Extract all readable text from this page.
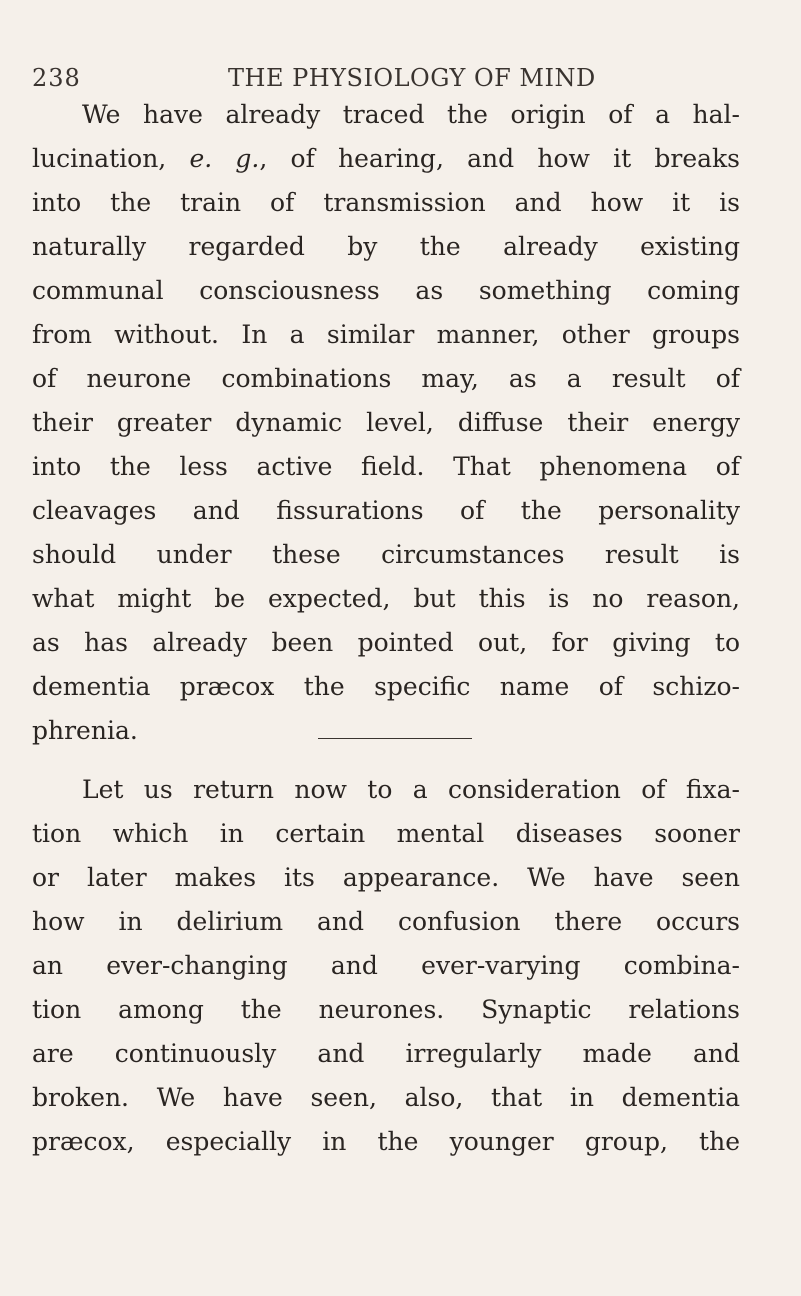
238	THE PHYSIOLOGY OF MIND
We have already traced the origin of a hal-
lucination, e. g., of hearing, and how it breaks
into the train of transmission and how it is
naturally regarded by the already existing
communal consciousness as something coming
from without. In a similar manner, other groups
of neurone combinations may, as a result of
their greater dynamic level, diffuse their energy
into the less active field. That phenomena of
cleavages and fissurations of the personality
should under these circumstances result is
what might be expected, but this is no reason,
as has already been pointed out, for giving to
dementia præcox the specific name of schizo-
phrenia.
Let us return now to a consideration of fixa-
tion which in certain mental diseases sooner
or later makes its appearance. We have seen
how in delirium and confusion there occurs
an ever-changing and ever-varying combina-
tion among the neurones. Synaptic relations
are continuously and irregularly made and
broken. We have seen, also, that in dementia
præcox, especially in the younger group, the
